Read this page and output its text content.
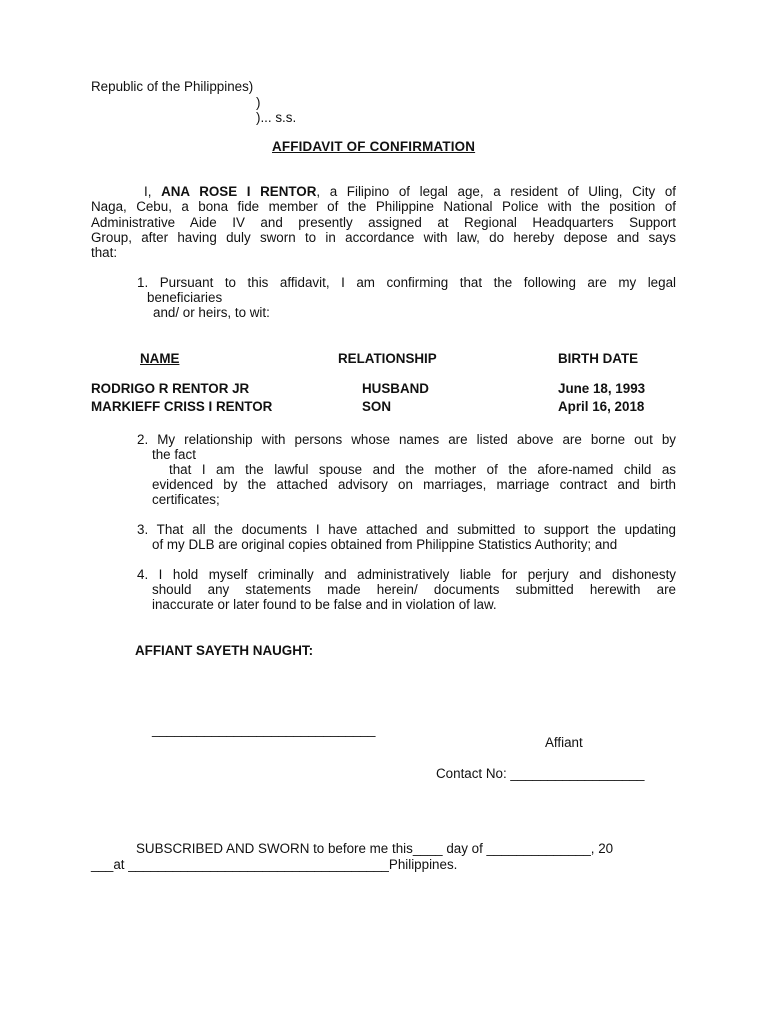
Republic of the Philippines)
)
)... s.s.
AFFIDAVIT OF CONFIRMATION
I, ANA ROSE I RENTOR, a Filipino of legal age, a resident of Uling, City of
Naga, Cebu, a bona fide member of the Philippine National Police with the position of
Administrative Aide IV and presently assigned at Regional Headquarters Support
Group, after having duly sworn to in accordance with law, do hereby depose and says
that:
1. Pursuant to this affidavit, I am confirming that the following are my legal
beneficiaries
and/ or heirs, to wit:
NAME	RELATIONSHIP	BIRTH DATE
RODRIGO R RENTOR JR	HUSBAND	June 18, 1993
MARKIEFF CRISS I RENTOR	SON	April 16, 2018
2. My relationship with persons whose names are listed above are borne out by
the fact
that I am the lawful spouse and the mother of the afore-named child as
evidenced by the attached advisory on marriages, marriage contract and birth
certificates;
3. That all the documents I have attached and submitted to support the updating
of my DLB are original copies obtained from Philippine Statistics Authority; and
4. I hold myself criminally and administratively liable for perjury and dishonesty
should any statements made herein/ documents submitted herewith are
inaccurate or later found to be false and in violation of law.
AFFIANT SAYETH NAUGHT:
______________________________
Affiant
Contact No: __________________
SUBSCRIBED AND SWORN to before me this____ day of ______________, 20
___at ___________________________________Philippines.
